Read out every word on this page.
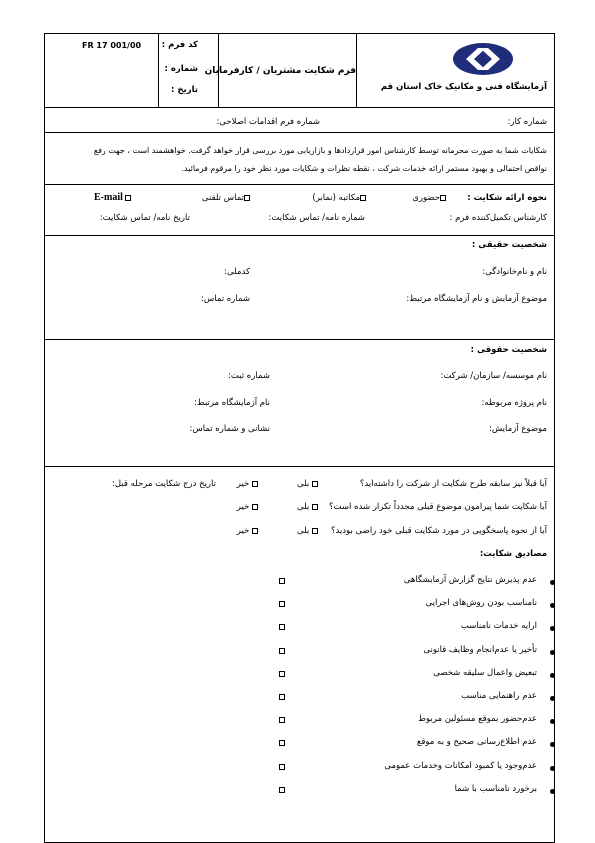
کد فرم :
FR 17 001/00
شماره :
تاریخ :
فرم شکایت مشتریان / کارفرمایان
آزمایشگاه فنی و مکانیک خاک استان قم
شماره کار:
شماره فرم اقدامات اصلاحی:
شکایات شما به صورت محرمانه توسط کارشناس امور قراردادها و بازاریابی مورد بررسی قرار خواهد گرفت. خواهشمند است ، جهت رفع
نواقص احتمالی و بهبود مستمر ارائه خدمات شرکت ، نقطه نظرات و شکایات مورد نظر خود را مرقوم فرمائید.
نحوه ارائه شکایت :
حضوری
مکاتبه (نمابر)
تماس تلفنی
E-mail
کارشناس تکمیل‌کننده فرم :
شماره نامه/ تماس شکایت:
تاریخ نامه/ تماس شکایت:
شخصیت حقیقی :
نام و نام‌خانوادگی:
کدملی:
موضوع آزمایش و نام آزمایشگاه مرتبط:
شماره تماس:
شخصیت حقوقی :
نام موسسه/ سازمان/ شرکت:
شماره ثبت:
نام پروژه مربوطه:
نام آزمایشگاه مرتبط:
موضوع آزمایش:
نشانی و شماره تماس:
آیا قبلاً نیز سابقه طرح شکایت از شرکت را داشته‌اید؟
آیا شکایت شما پیرامون موضوع قبلی مجدداً تکرار شده است؟
آیا از نحوه پاسخگویی در مورد شکایت قبلی خود راضی بودید؟
بلی
خیر
تاریخ درج شکایت مرحله قبل:
بلی
خیر
بلی
خیر
مصادیق شکایت:
عدم پذیرش نتایج گزارش آزمایشگاهی
نامناسب بودن روش‌های اجرایی
ارایه خدمات نامناسب
تأخیر یا عدم‌انجام وظایف قانونی
تبعیض واعمال سلیقه شخصی
عدم راهنمایی مناسب
عدم‌حضور بموقع مسئولین مربوط
عدم اطلاع‌رسانی صحیح و به موقع
عدم‌وجود یا کمبود امکانات وخدمات عمومی
برخورد نامناسب با شما
